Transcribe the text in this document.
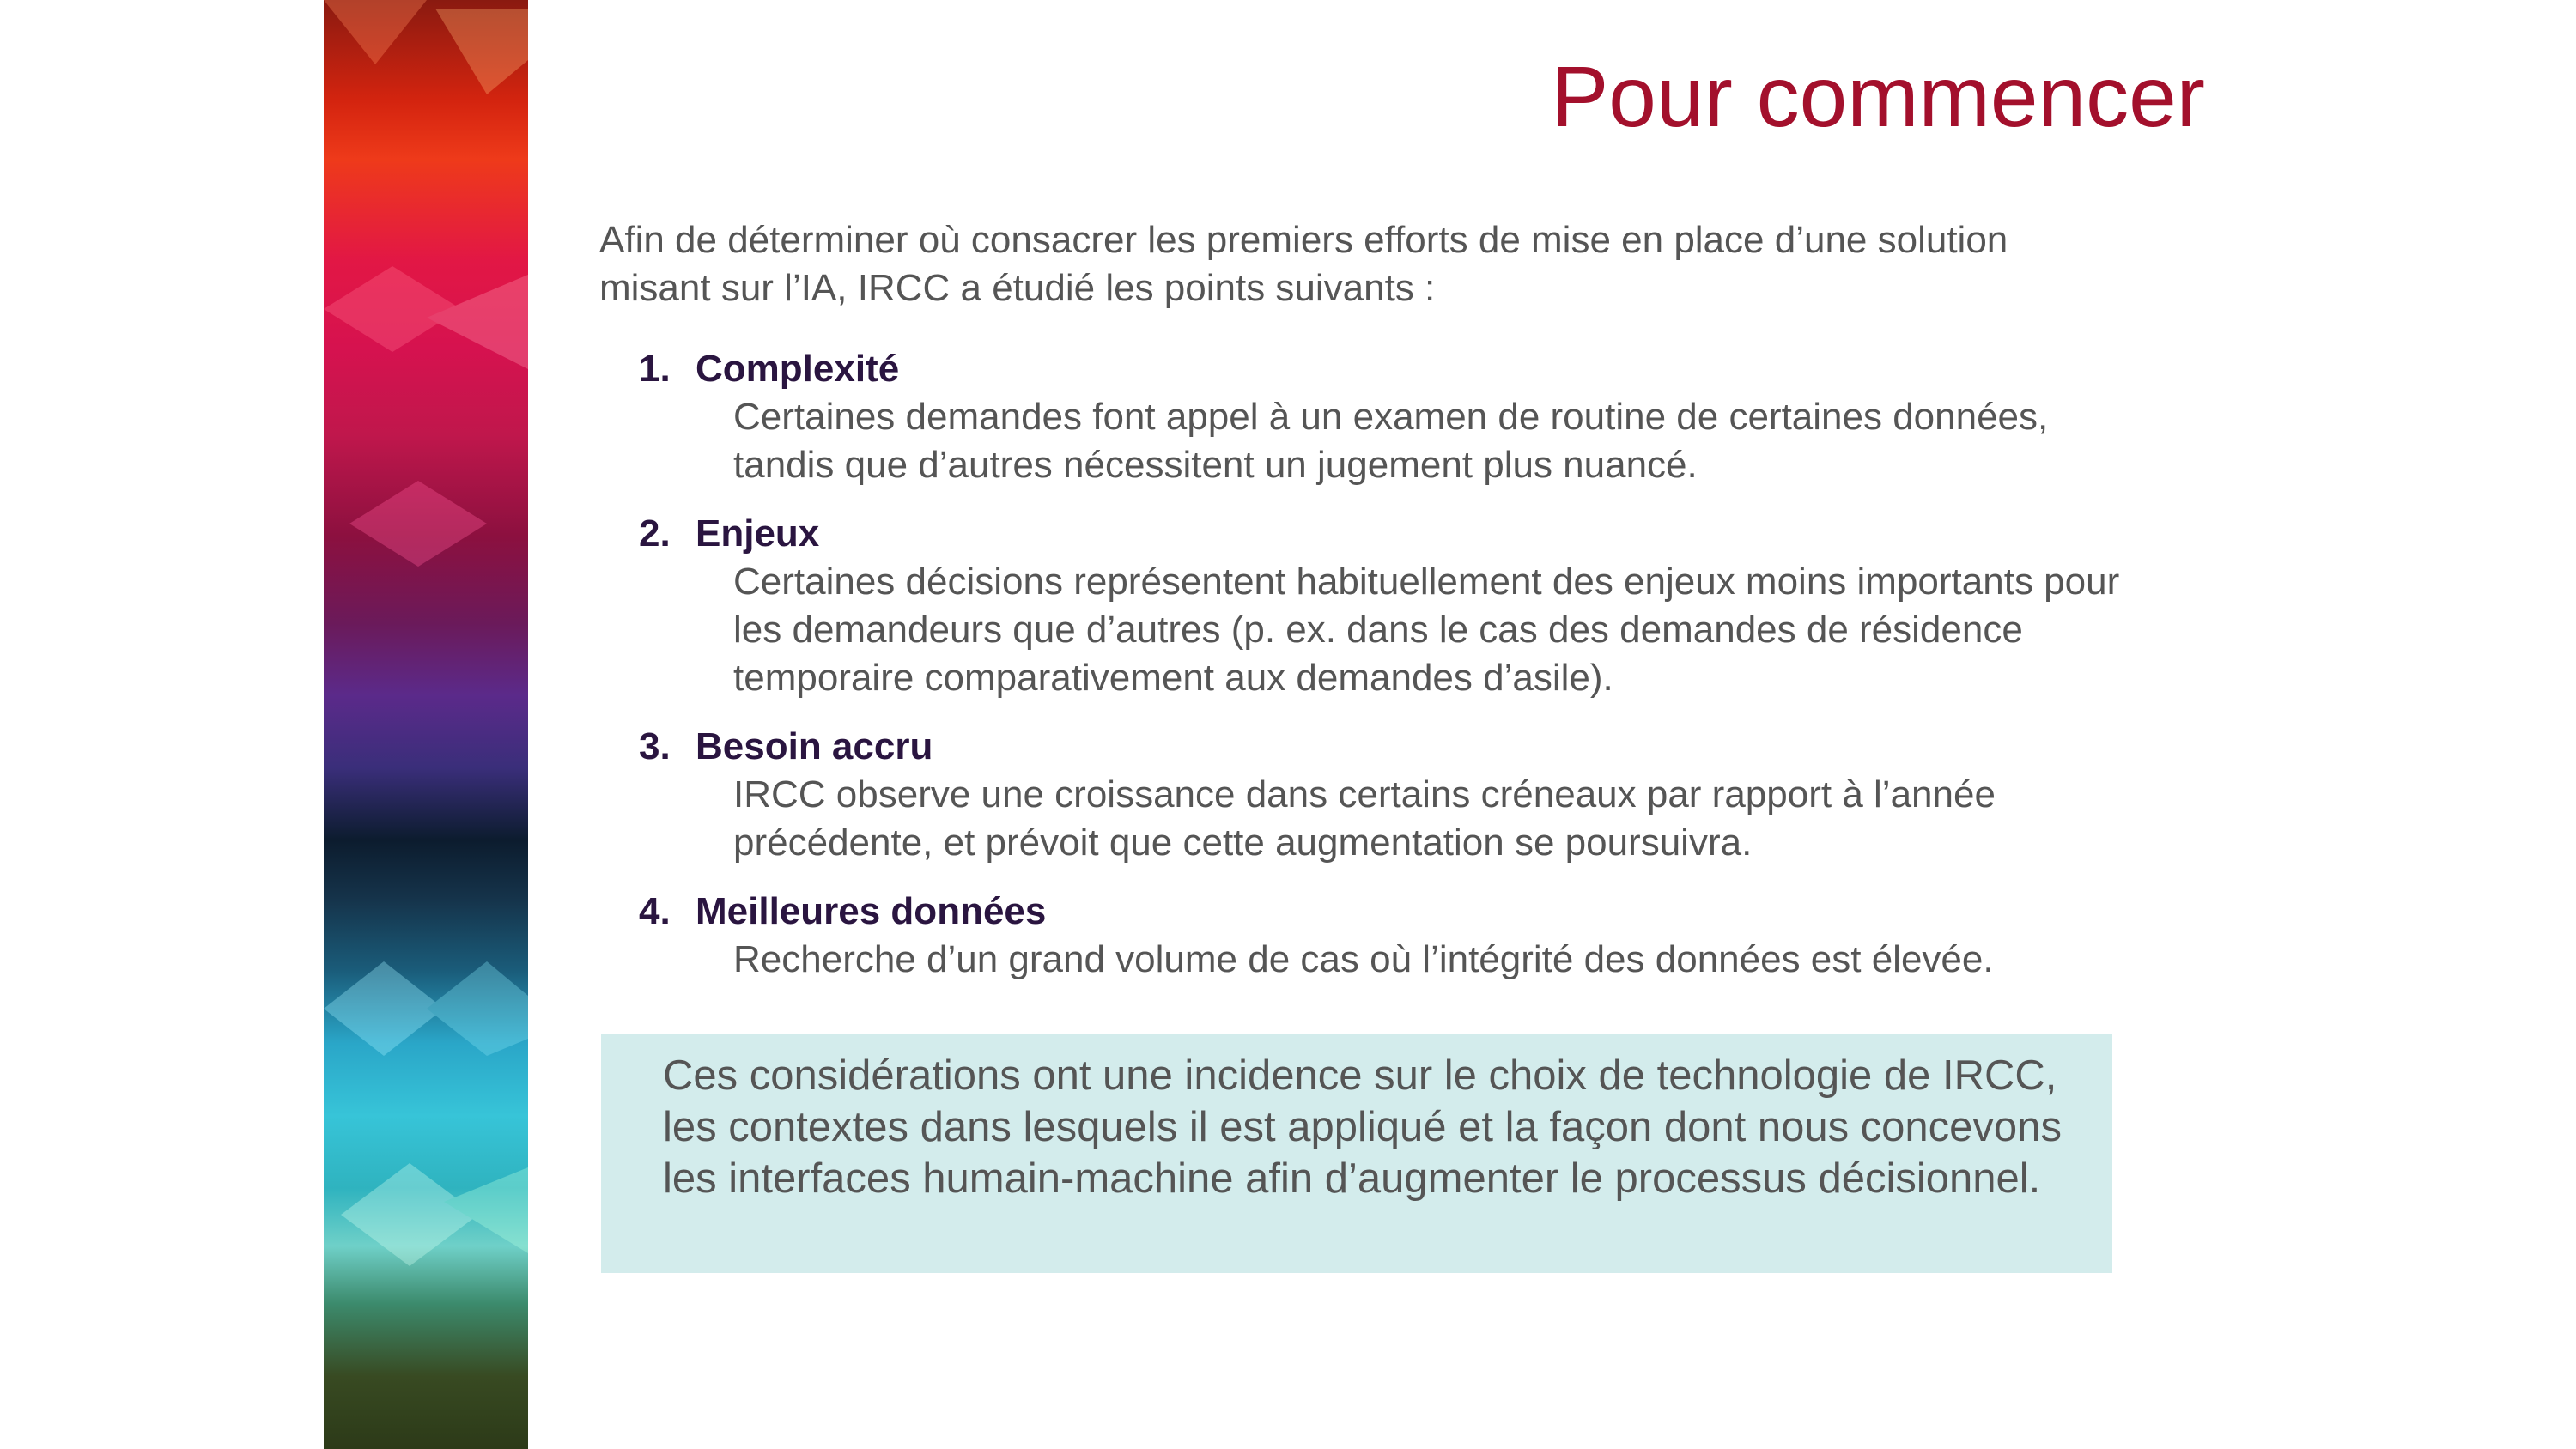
Pour commencer

Afin de déterminer où consacrer les premiers efforts de mise en place d’une solution misant sur l’IA, IRCC a étudié les points suivants :

1. Complexité
Certaines demandes font appel à un examen de routine de certaines données, tandis que d’autres nécessitent un jugement plus nuancé.
2. Enjeux
Certaines décisions représentent habituellement des enjeux moins importants pour les demandeurs que d’autres (p. ex. dans le cas des demandes de résidence temporaire comparativement aux demandes d’asile).
3. Besoin accru
IRCC observe une croissance dans certains créneaux par rapport à l’année précédente, et prévoit que cette augmentation se poursuivra.
4. Meilleures données
Recherche d’un grand volume de cas où l’intégrité des données est élevée.
Ces considérations ont une incidence sur le choix de technologie de IRCC, les contextes dans lesquels il est appliqué et la façon dont nous concevons les interfaces humain-machine afin d’augmenter le processus décisionnel.
